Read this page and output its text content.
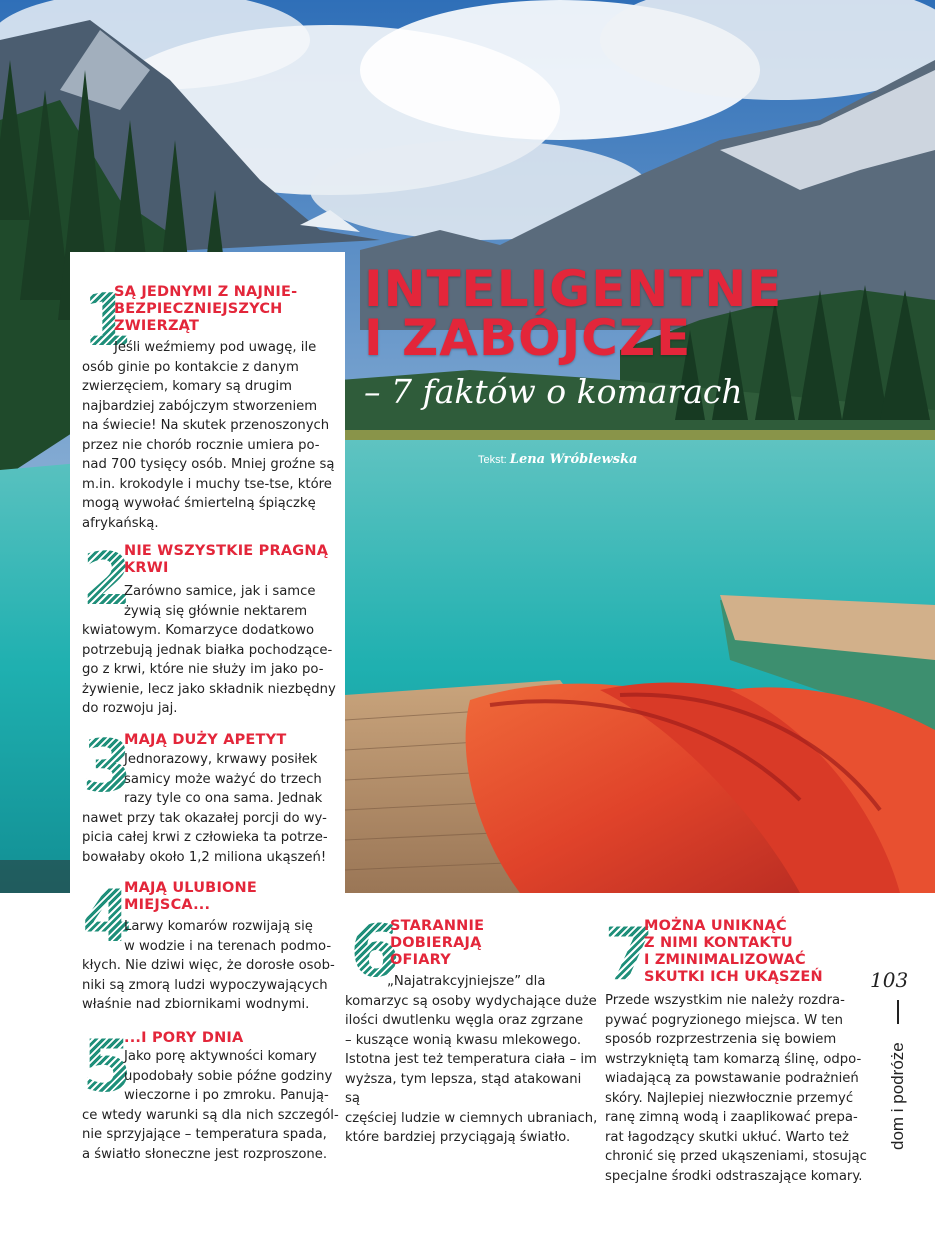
INTELIGENTNE
I ZABÓJCZE
– 7 faktów o komarach
Tekst: Lena Wróblewska
1
SĄ JEDNYMI Z NAJNIE-
BEZPIECZNIEJSZYCH
ZWIERZĄT

Jeśli weźmiemy pod uwagę, ile

osób ginie po kontakcie z danym

zwierzęciem, komary są drugim

najbardziej zabójczym stworzeniem

na świecie! Na skutek przenoszonych

przez nie chorób rocznie umiera po-

nad 700 tysięcy osób. Mniej groźne są

m.in. krokodyle i muchy tse-tse, które

mogą wywołać śmiertelną śpiączkę

afrykańską.

2
NIE WSZYSTKIE PRAGNĄ
KRWI

Zarówno samice, jak i samce

żywią się głównie nektarem

kwiatowym. Komarzyce dodatkowo

potrzebują jednak białka pochodzące-

go z krwi, które nie służy im jako po-

żywienie, lecz jako składnik niezbędny

do rozwoju jaj.

3
MAJĄ DUŻY APETYT

Jednorazowy, krwawy posiłek

samicy może ważyć do trzech

razy tyle co ona sama. Jednak

nawet przy tak okazałej porcji do wy-

picia całej krwi z człowieka ta potrze-

bowałaby około 1,2 miliona ukąszeń!

4
MAJĄ ULUBIONE
MIEJSCA...

Larwy komarów rozwijają się

w wodzie i na terenach podmo-

kłych. Nie dziwi więc, że dorosłe osob-

niki są zmorą ludzi wypoczywających

właśnie nad zbiornikami wodnymi.

5
...I PORY DNIA

Jako porę aktywności komary

upodobały sobie późne godziny

wieczorne i po zmroku. Panują-

ce wtedy warunki są dla nich szczegól-

nie sprzyjające – temperatura spada,

a światło słoneczne jest rozproszone.

6
STARANNIE
DOBIERAJĄ
OFIARY

„Najatrakcyjniejsze” dla

komarzyc są osoby wydychające duże

ilości dwutlenku węgla oraz zgrzane

– kuszące wonią kwasu mlekowego.

Istotna jest też temperatura ciała – im

wyższa, tym lepsza, stąd atakowani są

częściej ludzie w ciemnych ubraniach,

które bardziej przyciągają światło.

7
MOŻNA UNIKNĄĆ
Z NIMI KONTAKTU
I ZMINIMALIZOWAĆ
SKUTKI ICH UKĄSZEŃ

Przede wszystkim nie należy rozdra-

pywać pogryzionego miejsca. W ten

sposób rozprzestrzenia się bowiem

wstrzykniętą tam komarzą ślinę, odpo-

wiadającą za powstawanie podrażnień

skóry. Najlepiej niezwłocznie przemyć

ranę zimną wodą i zaaplikować prepa-

rat łagodzący skutki ukłuć. Warto też

chronić się przed ukąszeniami, stosując

specjalne środki odstraszające komary.

103
dom i podróże
